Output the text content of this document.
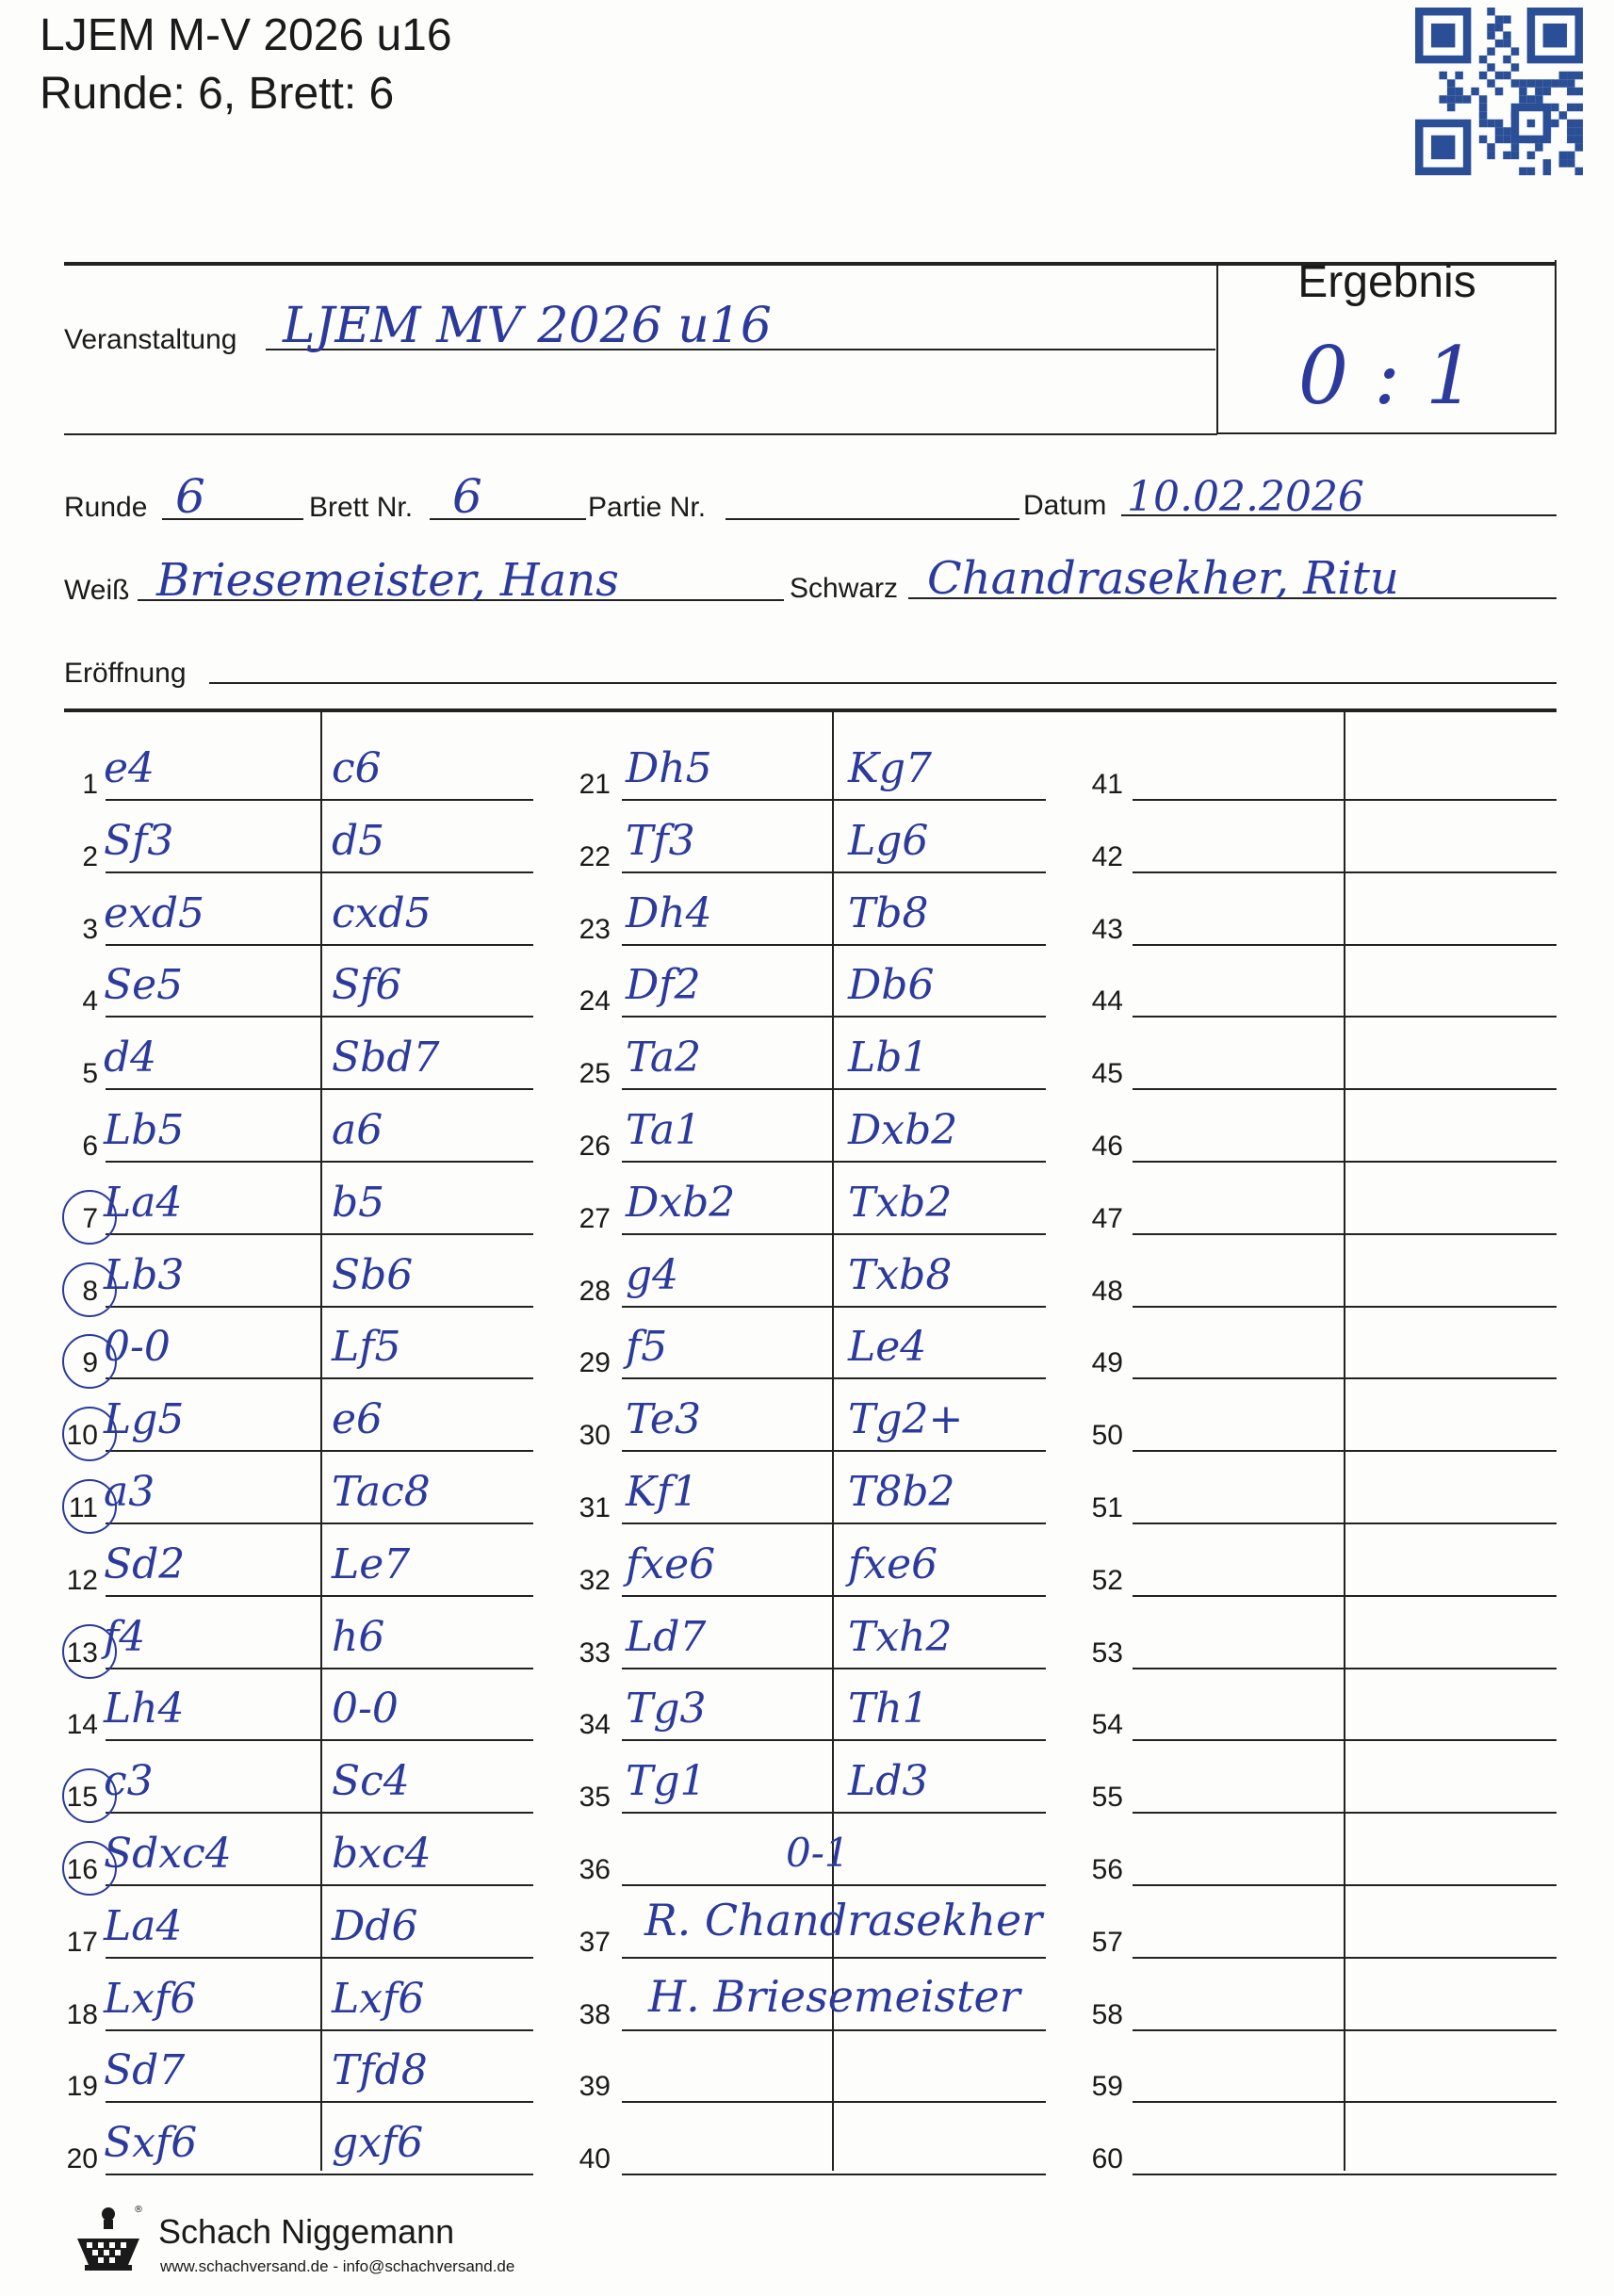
LJEM M-V 2026 u16
Runde: 6, Brett: 6
Veranstaltung LJEM MV 2026 u16
Ergebnis
0 : 1
Runde 6	Brett Nr. 6	Partie Nr.	Datum 10.02.2026
Weiß Briesemeister, Hans	Schwarz Chandrasekher, Ritu
Eröffnung
1 e4	c6
2 Sf3	d5
3 exd5	cxd5
4 Se5	Sf6
5 d4	Sbd7
6 Lb5	a6
7 La4	b5
8 Lb3	Sb6
9 0-0	Lf5
10 Lg5	e6
11 a3	Tac8
12 Sd2	Le7
13 f4	h6
14 Lh4	0-0
15 c3	Sc4
16 Sdxc4 bxc4
17 La4	Dd6
18 Lxf6	Lxf6
19 Sd7	Tfd8
20 Sxf6	gxf6
21 Dh5	Kg7
22 Tf3	Lg6
23 Dh4	Tb8
24 Df2	Db6
25 Ta2	Lb1
26 Ta1	Dxb2
27 Dxb2	Txb2
28 g4	Txb8
29 f5	Le4
30 Te3	Tg2+
31 Kf1	T8b2
32 fxe6	fxe6
33 Ld7	Txh2
34 Tg3	Th1
35 Tg1	Ld3
36	0-1
37 R. Chandrasekher
38 H. Briesemeister
39
40
41
42
43
44
45
46
47
48
49
50
51
52
53
54
55
56
57
58
59
60
®
Schach Niggemann
www.schachversand.de - info@schachversand.de
